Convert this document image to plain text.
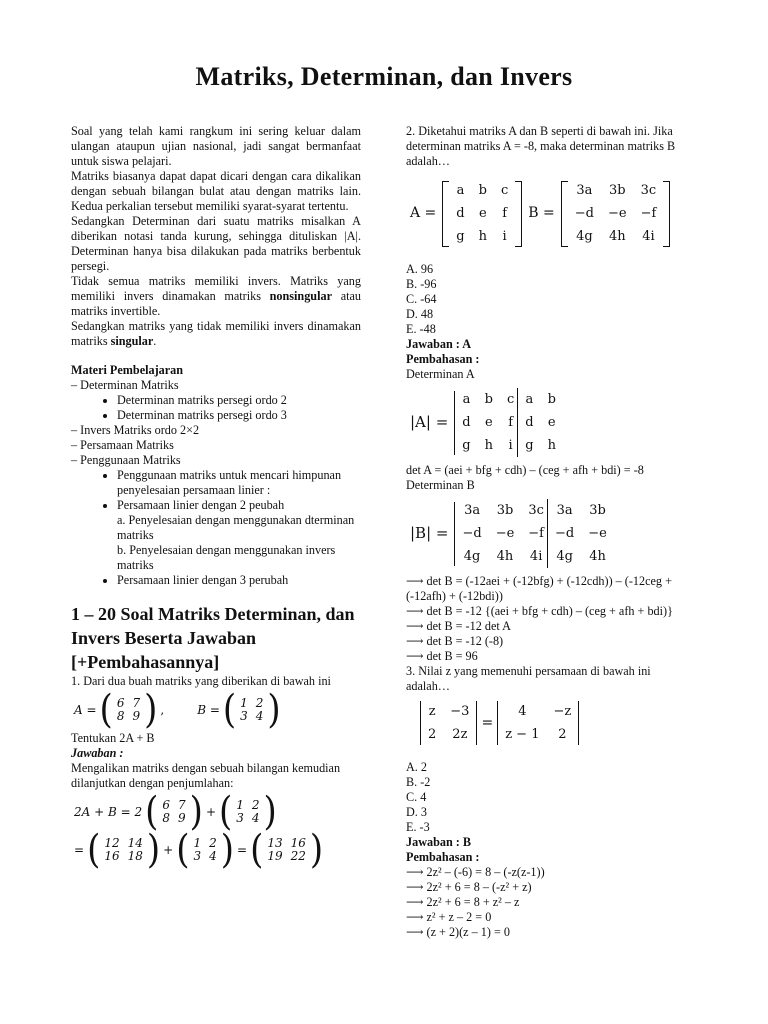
Matriks, Determinan, dan Invers

Soal yang telah kami rangkum ini sering keluar dalam ulangan ataupun ujian nasional, jadi sangat bermanfaat untuk siswa pelajari.

Matriks biasanya dapat dapat dicari dengan cara dikalikan dengan sebuah bilangan bulat atau dengan matriks lain. Kedua perkalian tersebut memiliki syarat-syarat tertentu.

Sedangkan Determinan dari suatu matriks misalkan A diberikan notasi tanda kurung, sehingga dituliskan |A|. Determinan hanya bisa dilakukan pada matriks berbentuk persegi.

Tidak semua matriks memiliki invers. Matriks yang memiliki invers dinamakan matriks nonsingular atau matriks invertible.

Sedangkan matriks yang tidak memiliki invers dinamakan matriks singular.

Materi Pembelajaran

– Determinan Matriks

• Determinan matriks persegi ordo 2
• Determinan matriks persegi ordo 3

– Invers Matriks ordo 2×2

– Persamaan Matriks

– Penggunaan Matriks

• Penggunaan matriks untuk mencari himpunan penyelesaian persamaan linier :
• Persamaan linier dengan 2 peubah
a. Penyelesaian dengan menggunakan dterminan matriks
b. Penyelesaian dengan menggunakan invers matriks
• Persamaan linier dengan 3 perubah
1 – 20 Soal Matriks Determinan, dan Invers Beserta Jawaban [+Pembahasannya]

1. Dari dua buah matriks yang diberikan di bawah ini

A = ( 6	7
8	9 ) ,	B = ( 1	2
3	4 )

Tentukan 2A + B

Jawaban :

Mengalikan matriks dengan sebuah bilangan kemudian dilanjutkan dengan penjumlahan:

2A + B = 2 ( 6	7
8	9 ) + ( 1	2
3	4 )
= ( 12	14
16	18 ) + ( 1	2
3	4 ) = ( 13	16
19	22 )

2. Diketahui matriks A dan B seperti di bawah ini. Jika determinan matriks A = -8, maka determinan matriks B adalah…

A =
a	b	c
d	e	f
g	h	i
B =
3a	3b	3c
−d	−e	−f
4g	4h	4i

A. 96

B. -96

C. -64

D. 48

E. -48

Jawaban : A

Pembahasan :

Determinan A

|A| =
a	b	c	a	b
d	e	f	d	e
g	h	i	g	h

det A = (aei + bfg + cdh) – (ceg + afh + bdi) = -8

Determinan B

|B| =
3a	3b	3c	3a	3b
−d	−e	−f	−d	−e
4g	4h	4i	4g	4h

⟶ det B = (-12aei + (-12bfg) + (-12cdh)) – (-12ceg + (-12afh) + (-12bdi))

⟶ det B = -12 {(aei + bfg + cdh) – (ceg + afh + bdi)}

⟶ det B = -12 det A

⟶ det B = -12 (-8)

⟶ det B = 96

3. Nilai z yang memenuhi persamaan di bawah ini adalah…

z	−3
2	2z
=
4	−z
z − 1	2

A. 2

B. -2

C. 4

D. 3

E. -3

Jawaban : B

Pembahasan :

⟶ 2z² – (-6) = 8 – (-z(z-1))

⟶ 2z² + 6 = 8 – (-z² + z)

⟶ 2z² + 6 = 8 + z² – z

⟶ z² + z – 2 = 0

⟶ (z + 2)(z – 1) = 0
